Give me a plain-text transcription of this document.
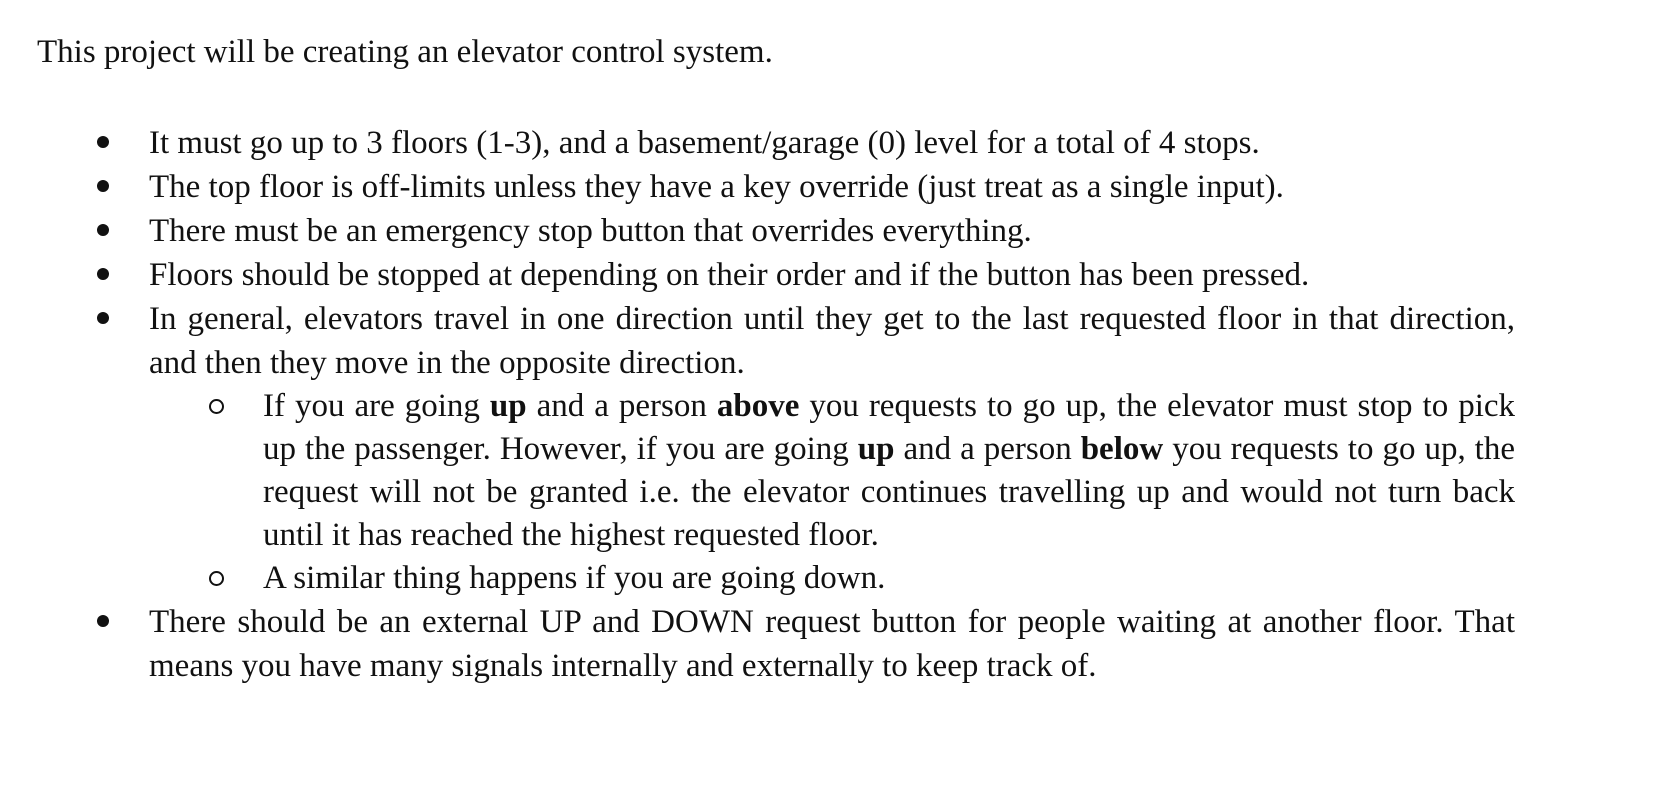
This project will be creating an elevator control system.
It must go up to 3 floors (1-3), and a basement/garage (0) level for a total of 4 stops.
The top floor is off-limits unless they have a key override (just treat as a single input).
There must be an emergency stop button that overrides everything.
Floors should be stopped at depending on their order and if the button has been pressed.
In general, elevators travel in one direction until they get to the last requested floor in that direction, and then they move in the opposite direction.
If you are going up and a person above you requests to go up, the elevator must stop to pick up the passenger. However, if you are going up and a person below you requests to go up, the request will not be granted i.e. the elevator continues travelling up and would not turn back until it has reached the highest requested floor.
A similar thing happens if you are going down.
There should be an external UP and DOWN request button for people waiting at another floor. That means you have many signals internally and externally to keep track of.
